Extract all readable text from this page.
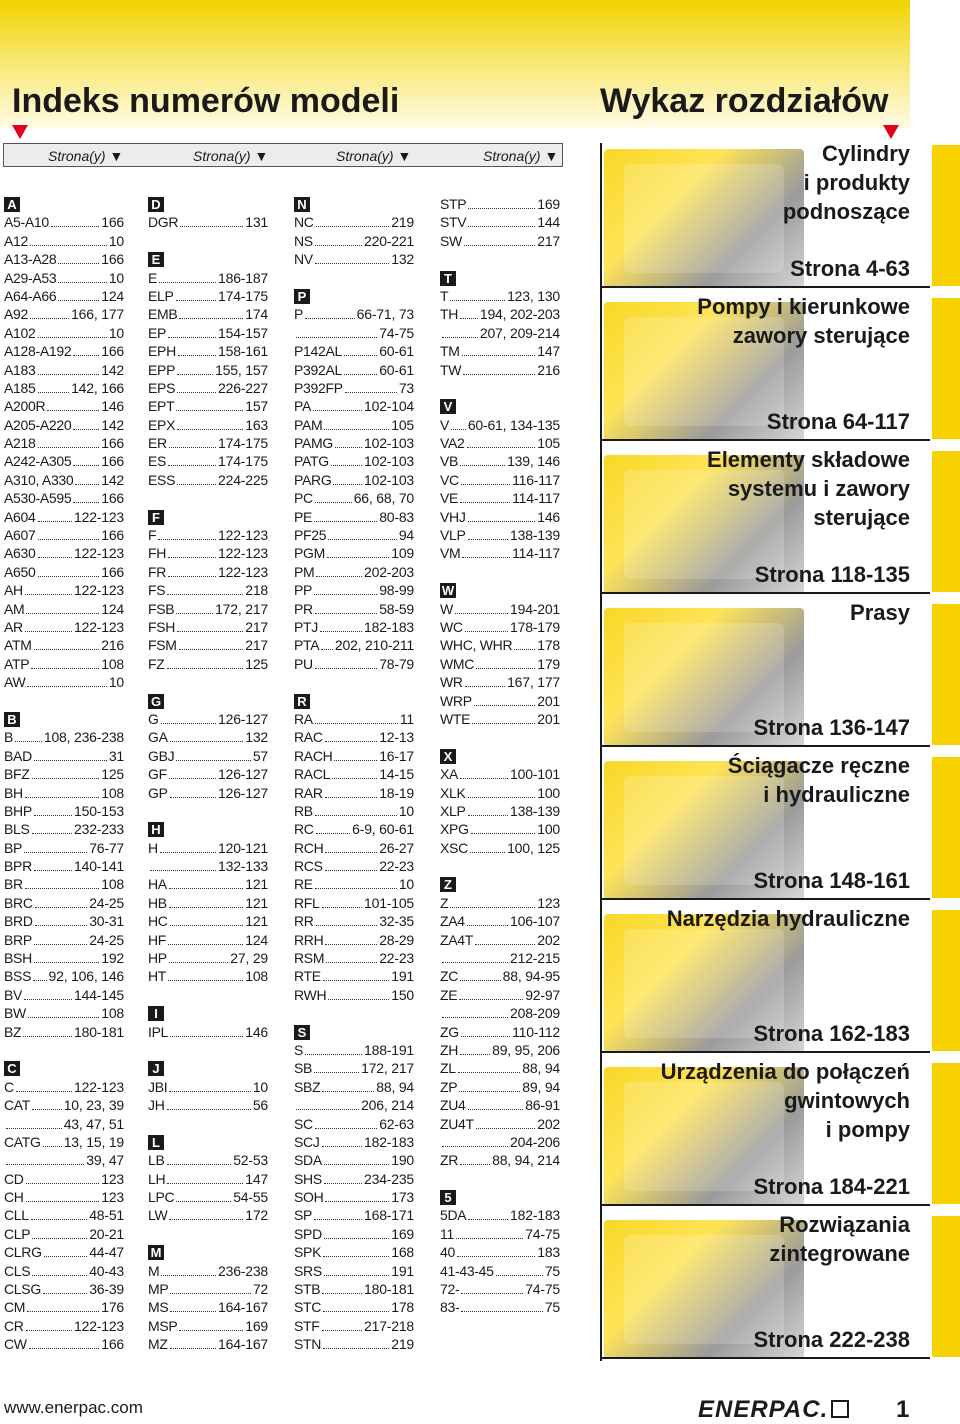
Indeks numerów modeli	Wykaz rozdziałów
Strona(y) ▼	Strona(y) ▼	Strona(y) ▼	Strona(y) ▼
A
A5-A10	166
A12	10
A13-A28	166
A29-A53	10
A64-A66	124
A92	166, 177
A102	10
A128-A192 166
A183	142
A185	142, 166
A200R	146
A205-A220 142
A218	166
A242-A305 166
A310, A330 142
A530-A595 166
A604	122-123
A607	166
A630	122-123
A650	166
AH	122-123
AM	124
AR	122-123
ATM	216
ATP	108
AW	10
B
B 108, 236-238
BAD	31
BFZ	125
BH	108
BHP	150-153
BLS	232-233
BP	76-77
BPR	140-141
BR	108
BRC	24-25
BRD	30-31
BRP	24-25
BSH	192
BSS 92, 106, 146
BV	144-145
BW	108
BZ	180-181
C
C	122-123
CAT 10, 23, 39
43, 47, 51
CATG 13, 15, 19
39, 47
CD	123
CH	123
CLL	48-51
CLP	20-21
CLRG	44-47
CLS	40-43
CLSG	36-39
CM	176
CR	122-123
CW	166
D
DGR	131
E
E	186-187
ELP	174-175
EMB	174
EP	154-157
EPH	158-161
EPP	155, 157
EPS	226-227
EPT	157
EPX	163
ER	174-175
ES	174-175
ESS	224-225
F
F	122-123
FH	122-123
FR	122-123
FS	218
FSB	172, 217
FSH	217
FSM	217
FZ	125
G
G	126-127
GA	132
GBJ	57
GF	126-127
GP	126-127
H
H	120-121
132-133
HA	121
HB	121
HC	121
HF	124
HP	27, 29
HT	108
I
IPL	146
J
JBI	10
JH	56
L
LB	52-53
LH	147
LPC	54-55
LW	172
M
M	236-238
MP	72
MS	164-167
MSP	169
MZ	164-167
N
NC	219
NS	220-221
NV	132
P
P	66-71, 73
74-75
P142AL	60-61
P392AL	60-61
P392FP	73
PA	102-104
PAM	105
PAMG 102-103
PATG	102-103
PARG 102-103
PC	66, 68, 70
PE	80-83
PF25	94
PGM	109
PM	202-203
PP	98-99
PR	58-59
PTJ	182-183
PTA 202, 210-211
PU	78-79
R
RA	11
RAC	12-13
RACH	16-17
RACL	14-15
RAR	18-19
RB	10
RC	6-9, 60-61
RCH	26-27
RCS	22-23
RE	10
RFL	101-105
RR	32-35
RRH	28-29
RSM	22-23
RTE	191
RWH	150
S
S	188-191
SB	172, 217
SBZ	88, 94
206, 214
SC	62-63
SCJ	182-183
SDA	190
SHS	234-235
SOH	173
SP	168-171
SPD	169
SPK	168
SRS	191
STB	180-181
STC	178
STF	217-218
STN	219
STP	169
STV	144
SW	217
T
T	123, 130
TH 194, 202-203
207, 209-214
TM	147
TW	216
V
V 60-61, 134-135
VA2	105
VB	139, 146
VC	116-117
VE	114-117
VHJ	146
VLP	138-139
VM	114-117
W
W	194-201
WC	178-179
WHC, WHR 178
WMC	179
WR	167, 177
WRP	201
WTE	201
X
XA	100-101
XLK	100
XLP	138-139
XPG	100
XSC	100, 125
Z
Z	123
ZA4	106-107
ZA4T	202
212-215
ZC	88, 94-95
ZE	92-97
208-209
ZG	110-112
ZH 89, 95, 206
ZL	88, 94
ZP	89, 94
ZU4	86-91
ZU4T	202
204-206
ZR 88, 94, 214
5
5DA	182-183
11	74-75
40	183
41-43-45	75
72-	74-75
83-	75
Cylindry
i produkty
podnoszące
Strona 4-63
Pompy i kierunkowe
zawory sterujące
Strona 64-117
Elementy składowe
systemu i zawory
sterujące
Strona 118-135
Prasy
Strona 136-147
Ściągacze ręczne
i hydrauliczne
Strona 148-161
Narzędzia hydrauliczne
Strona 162-183
Urządzenia do połączeń
gwintowych
i pompy
Strona 184-221
Rozwiązania
zintegrowane
Strona 222-238
www.enerpac.com	ENERPAC.	1
